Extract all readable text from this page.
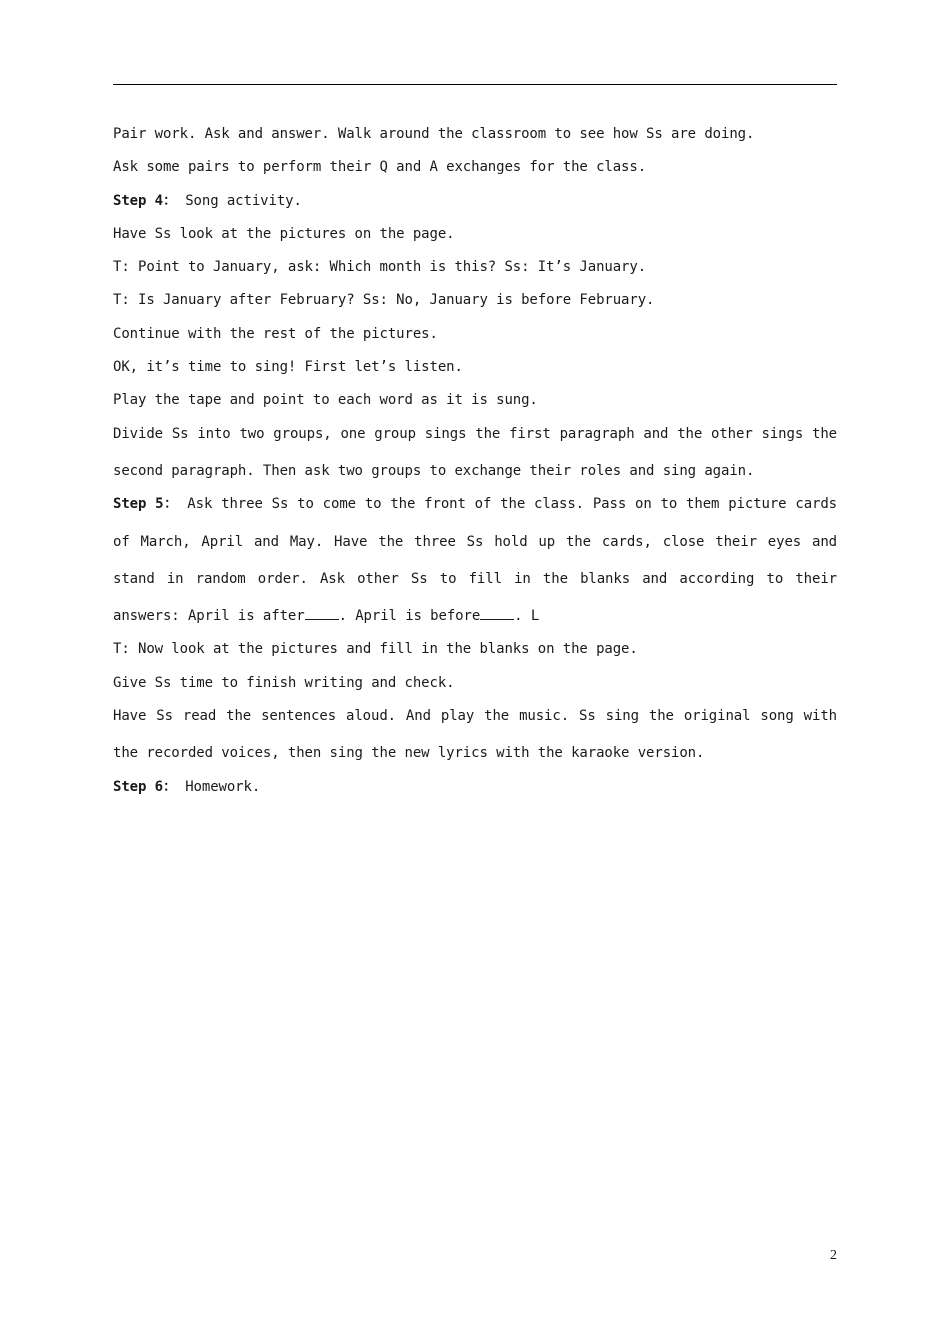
Pair work. Ask and answer. Walk around the classroom to see how Ss are doing.
Ask some pairs to perform their Q and A exchanges for the class.
Step 4： Song activity.
Have Ss look at the pictures on the page.
T: Point to January, ask: Which month is this? Ss: It’s January.
T: Is January after February? Ss: No, January is before February.
Continue with the rest of the pictures.
OK, it’s time to sing! First let’s listen.
Play the tape and point to each word as it is sung.
Divide Ss into two groups, one group sings the first paragraph and the other sings the second paragraph. Then ask two groups to exchange their roles and sing again.
Step 5： Ask three Ss to come to the front of the class. Pass on to them picture cards of March, April and May. Have the three Ss hold up the cards, close their eyes and stand in random order. Ask other Ss to fill in the blanks and according to their answers: April is after . April is before . L
T: Now look at the pictures and fill in the blanks on the page.
Give Ss time to finish writing and check.
Have Ss read the sentences aloud. And play the music. Ss sing the original song with the recorded voices, then sing the new lyrics with the karaoke version.
Step 6： Homework.
2
